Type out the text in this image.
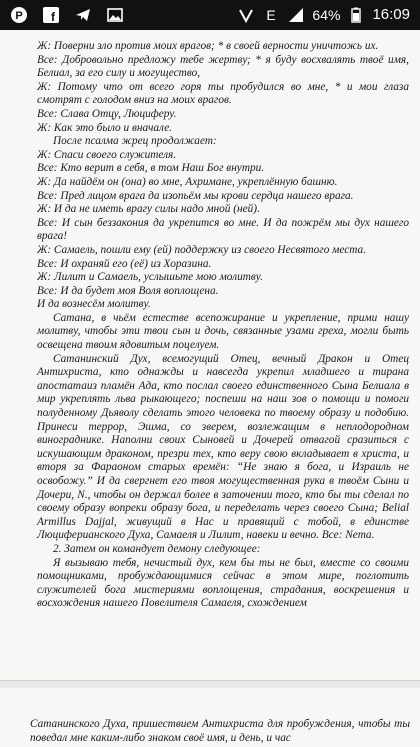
P f	E	64% 16:09

Ж: Поверни зло против моих врагов; * в своей верности уничтожь их.

Все: Добровольно предложу тебе жертву; * я буду восхвалять твоё имя, Белиал, за его силу и могущество,

Ж: Потому что от всего горя ты пробудился во мне, * и мои глаза смотрят с голодом вниз на моих врагов.

Все: Слава Отцу, Люциферу.

Ж: Как это было и вначале.

После псалма жрец продолжает:

Ж: Спаси своего служителя.

Все: Кто верит в себя, в том Наш Бог внутри.

Ж: Да найдём он (она) во мне, Ахримане, укреплённую башню.

Все: Пред лицом врага да изопьём мы крови сердца нашего врага.

Ж: И да не иметь врагу силы надо мной (ней).

Все: И сын беззакония да укрепится во мне. И да пожрём мы дух нашего врага!

Ж: Самаель, пошли ему (ей) поддержку из своего Несвятого места.

Все: И охраняй его (её) из Хоразина.

Ж: Лилит и Самаель, услышьте мою молитву.

Все: И да будет моя Воля воплощена.

И да вознесём молитву.

Сатана, в чьём естестве всепожирание и укрепление, прими нашу молитву, чтобы эти твои сын и дочь, связанные узами греха, могли быть освещена твоим ядовитым поцелуем.

Сатанинский Дух, всемогущий Отец, вечный Дракон и Отец Антихриста, кто однажды и навсегда укрепил младшего и тирана апостатаиз пламён Ада, кто послал своего единственного Сына Белиала в мир укреплять льва рыкающего; поспеши на наш зов о помощи и помоги полуденному Дьяволу сделать этого человека по твоему образу и подобию. Принеси террор, Эшма, со зверем, возлежащим в неплодородном винограднике. Наполни своих Сыновей и Дочерей отвагой сразиться с искушающим драконом, презри тех, кто веру свою вкладывает в христа, и вторя за Фараоном старых времён: “Не знаю я бога, и Израиль не освобожу.” И да свергнет его твоя могущественная рука в твоём Сыни и Дочери, N., чтобы он держал более в заточении того, кто бы ты сделал по своему образу вопреки образу бога, и переделать через своего Сына; Belial Armillus Dajjal, живущий в Нас и правящий с тобой, в единстве Люциферианского Духа, Самаеля и Лилит, навеки и вечно. Все: Nema.

2. Затем он командует демону следующее:

Я вызываю тебя, нечистый дух, кем бы ты не был, вместе со своими помощниками, пробуждающимися сейчас в этом мире, поглотить служителей бога мистериями воплощения, страдания, воскрешения и восхождения нашего Повелителя Самаеля, схождением

Сатанинского Духа, пришествием Антихриста для пробуждения, чтобы ты поведал мне каким-либо знаком своё имя, и день, и час
